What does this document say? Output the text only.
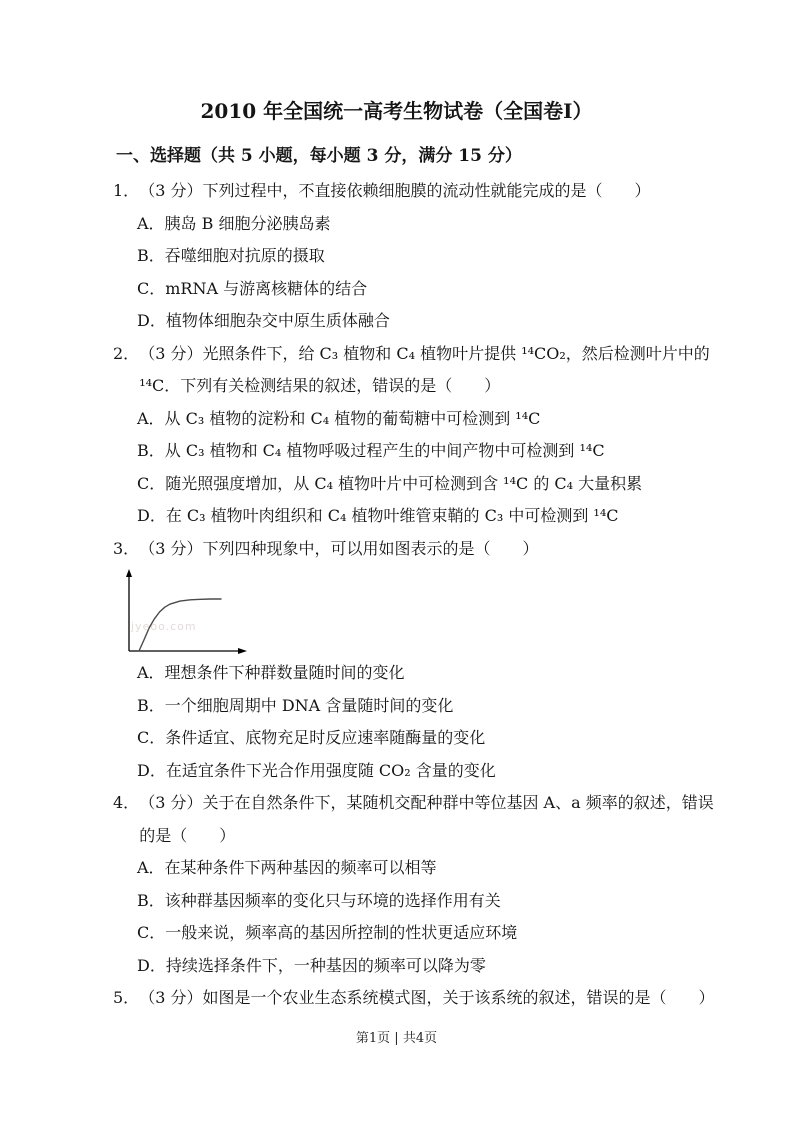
2010 年全国统一高考生物试卷（全国卷I）
一、选择题（共 5 小题，每小题 3 分，满分 15 分）
1． （3 分）下列过程中，不直接依赖细胞膜的流动性就能完成的是（　　）
A．胰岛 B 细胞分泌胰岛素
B．吞噬细胞对抗原的摄取
C．mRNA 与游离核糖体的结合
D．植物体细胞杂交中原生质体融合
2． （3 分）光照条件下，给 C₃ 植物和 C₄ 植物叶片提供 ¹⁴CO₂，然后检测叶片中的 ¹⁴C．下列有关检测结果的叙述，错误的是（　　）
A．从 C₃ 植物的淀粉和 C₄ 植物的葡萄糖中可检测到 ¹⁴C
B．从 C₃ 植物和 C₄ 植物呼吸过程产生的中间产物中可检测到 ¹⁴C
C．随光照强度增加，从 C₄ 植物叶片中可检测到含 ¹⁴C 的 C₄ 大量积累
D．在 C₃ 植物叶肉组织和 C₄ 植物叶维管束鞘的 C₃ 中可检测到 ¹⁴C
3． （3 分）下列四种现象中，可以用如图表示的是（　　）
jyeoo.com
A．理想条件下种群数量随时间的变化
B．一个细胞周期中 DNA 含量随时间的变化
C．条件适宜、底物充足时反应速率随酶量的变化
D．在适宜条件下光合作用强度随 CO₂ 含量的变化
4． （3 分）关于在自然条件下，某随机交配种群中等位基因 A、a 频率的叙述，错误的是（　　）
A．在某种条件下两种基因的频率可以相等
B．该种群基因频率的变化只与环境的选择作用有关
C．一般来说，频率高的基因所控制的性状更适应环境
D．持续选择条件下，一种基因的频率可以降为零
5． （3 分）如图是一个农业生态系统模式图，关于该系统的叙述，错误的是（　　）
第1页 | 共4页
